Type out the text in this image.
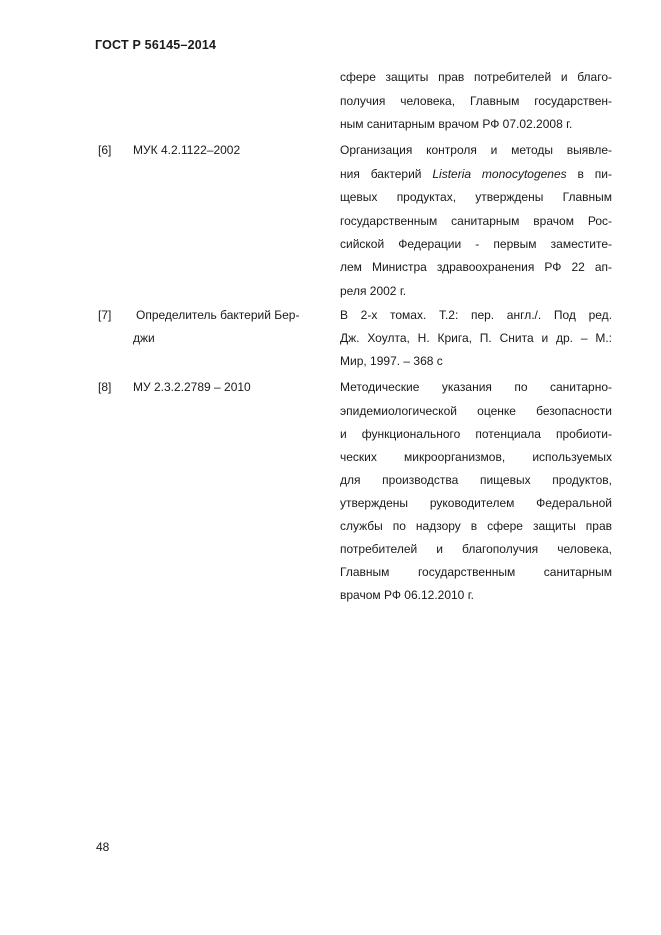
ГОСТ Р 56145–2014
сфере защиты прав потребителей и благо-
получия человека, Главным государствен-
ным санитарным врачом РФ 07.02.2008 г.
[6] МУК 4.2.1122–2002	Организация контроля и методы выявле-
ния бактерий Listeria monocytogenes в пи-
щевых продуктах, утверждены Главным
государственным санитарным врачом Рос-
сийской Федерации - первым заместите-
лем Министра здравоохранения РФ 22 ап-
реля 2002 г.
[7] Определитель бактерий Бер-
джи
В 2-х томах. Т.2: пер. англ./. Под ред.
Дж. Хоулта, Н. Крига, П. Снита и др. – М.:
Мир, 1997. – 368 с
[8] МУ 2.3.2.2789 – 2010	Методические указания по санитарно-
эпидемиологической оценке безопасности
и функционального потенциала пробиоти-
ческих микроорганизмов, используемых
для производства пищевых продуктов,
утверждены руководителем Федеральной
службы по надзору в сфере защиты прав
потребителей и благополучия человека,
Главным государственным санитарным
врачом РФ 06.12.2010 г.
48
